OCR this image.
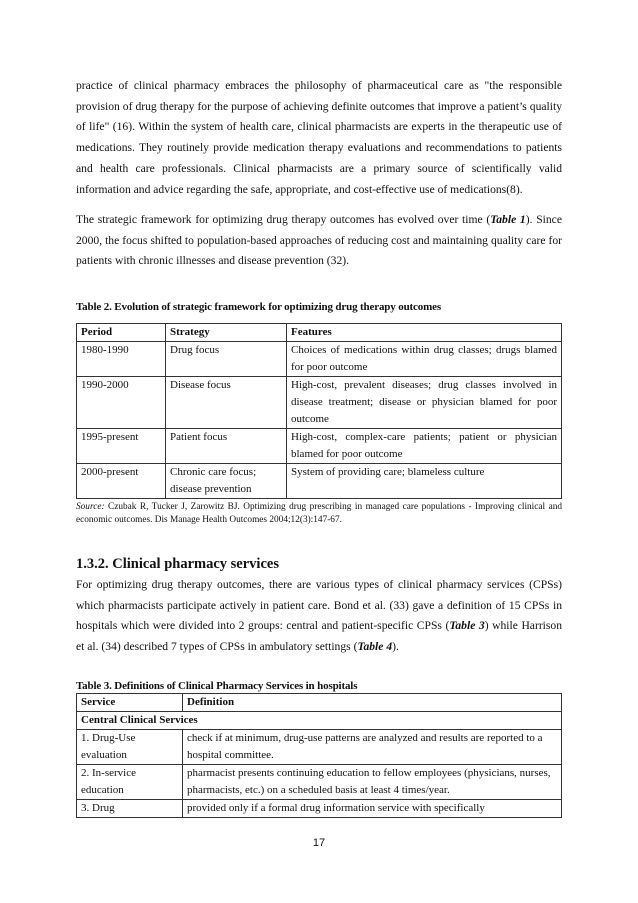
practice of clinical pharmacy embraces the philosophy of pharmaceutical care as "the responsible provision of drug therapy for the purpose of achieving definite outcomes that improve a patient’s quality of life" (16). Within the system of health care, clinical pharmacists are experts in the therapeutic use of medications. They routinely provide medication therapy evaluations and recommendations to patients and health care professionals. Clinical pharmacists are a primary source of scientifically valid information and advice regarding the safe, appropriate, and cost-effective use of medications(8).

The strategic framework for optimizing drug therapy outcomes has evolved over time (Table 1). Since 2000, the focus shifted to population-based approaches of reducing cost and maintaining quality care for patients with chronic illnesses and disease prevention (32).

Table 2. Evolution of strategic framework for optimizing drug therapy outcomes
Period	Strategy	Features
1980-1990	Drug focus	Choices of medications within drug classes; drugs blamed for poor outcome
1990-2000	Disease focus	High-cost, prevalent diseases; drug classes involved in disease treatment; disease or physician blamed for poor outcome
1995-present	Patient focus	High-cost, complex-care patients; patient or physician blamed for poor outcome
2000-present	Chronic care focus; disease prevention	System of providing care; blameless culture
Source: Czubak R, Tucker J, Zarowitz BJ. Optimizing drug prescribing in managed care populations - Improving clinical and economic outcomes. Dis Manage Health Outcomes 2004;12(3):147-67.
1.3.2. Clinical pharmacy services

For optimizing drug therapy outcomes, there are various types of clinical pharmacy services (CPSs) which pharmacists participate actively in patient care. Bond et al. (33) gave a definition of 15 CPSs in hospitals which were divided into 2 groups: central and patient-specific CPSs (Table 3) while Harrison et al. (34) described 7 types of CPSs in ambulatory settings (Table 4).

Table 3. Definitions of Clinical Pharmacy Services in hospitals
Service	Definition
Central Clinical Services	
1. Drug-Use evaluation	check if at minimum, drug-use patterns are analyzed and results are reported to a hospital committee.
2. In-service education	pharmacist presents continuing education to fellow employees (physicians, nurses, pharmacists, etc.) on a scheduled basis at least 4 times/year.
3. Drug	provided only if a formal drug information service with specifically
17
